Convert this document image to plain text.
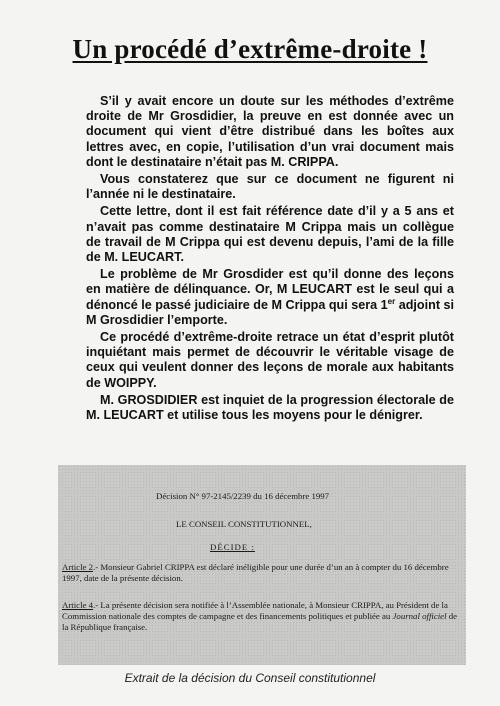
Un procédé d’extrême-droite !

S’il y avait encore un doute sur les méthodes d’extrême droite de Mr Grosdidier, la preuve en est donnée avec un document qui vient d’être distribué dans les boîtes aux lettres avec, en copie, l’utilisation d’un vrai document mais dont le destinataire n’était pas M. CRIPPA.

Vous constaterez que sur ce document ne figurent ni l’année ni le destinataire.

Cette lettre, dont il est fait référence date d’il y a 5 ans et n’avait pas comme destinataire M Crippa mais un collègue de travail de M Crippa qui est devenu depuis, l’ami de la fille de M. LEUCART.

Le problème de Mr Grosdider est qu’il donne des leçons en matière de délinquance. Or, M LEUCART est le seul qui a dénoncé le passé judiciaire de M Crippa qui sera 1er adjoint si M Grosdidier l’emporte.

Ce procédé d’extrême-droite retrace un état d’esprit plutôt inquiétant mais permet de découvrir le véritable visage de ceux qui veulent donner des leçons de morale aux habitants de WOIPPY.

M. GROSDIDIER est inquiet de la progression électorale de M. LEUCART et utilise tous les moyens pour le dénigrer.

Décision N° 97-2145/2239 du 16 décembre 1997
LE CONSEIL CONSTITUTIONNEL,
DÉCIDE :
Article 2.- Monsieur Gabriel CRIPPA est déclaré inéligible pour une durée d’un an à compter du 16 décembre 1997, date de la présente décision.
Article 4.- La présente décision sera notifiée à l’Assemblée nationale, à Monsieur CRIPPA, au Président de la Commission nationale des comptes de campagne et des financements politiques et publiée au Journal officiel de la République française.
Extrait de la décision du Conseil constitutionnel
